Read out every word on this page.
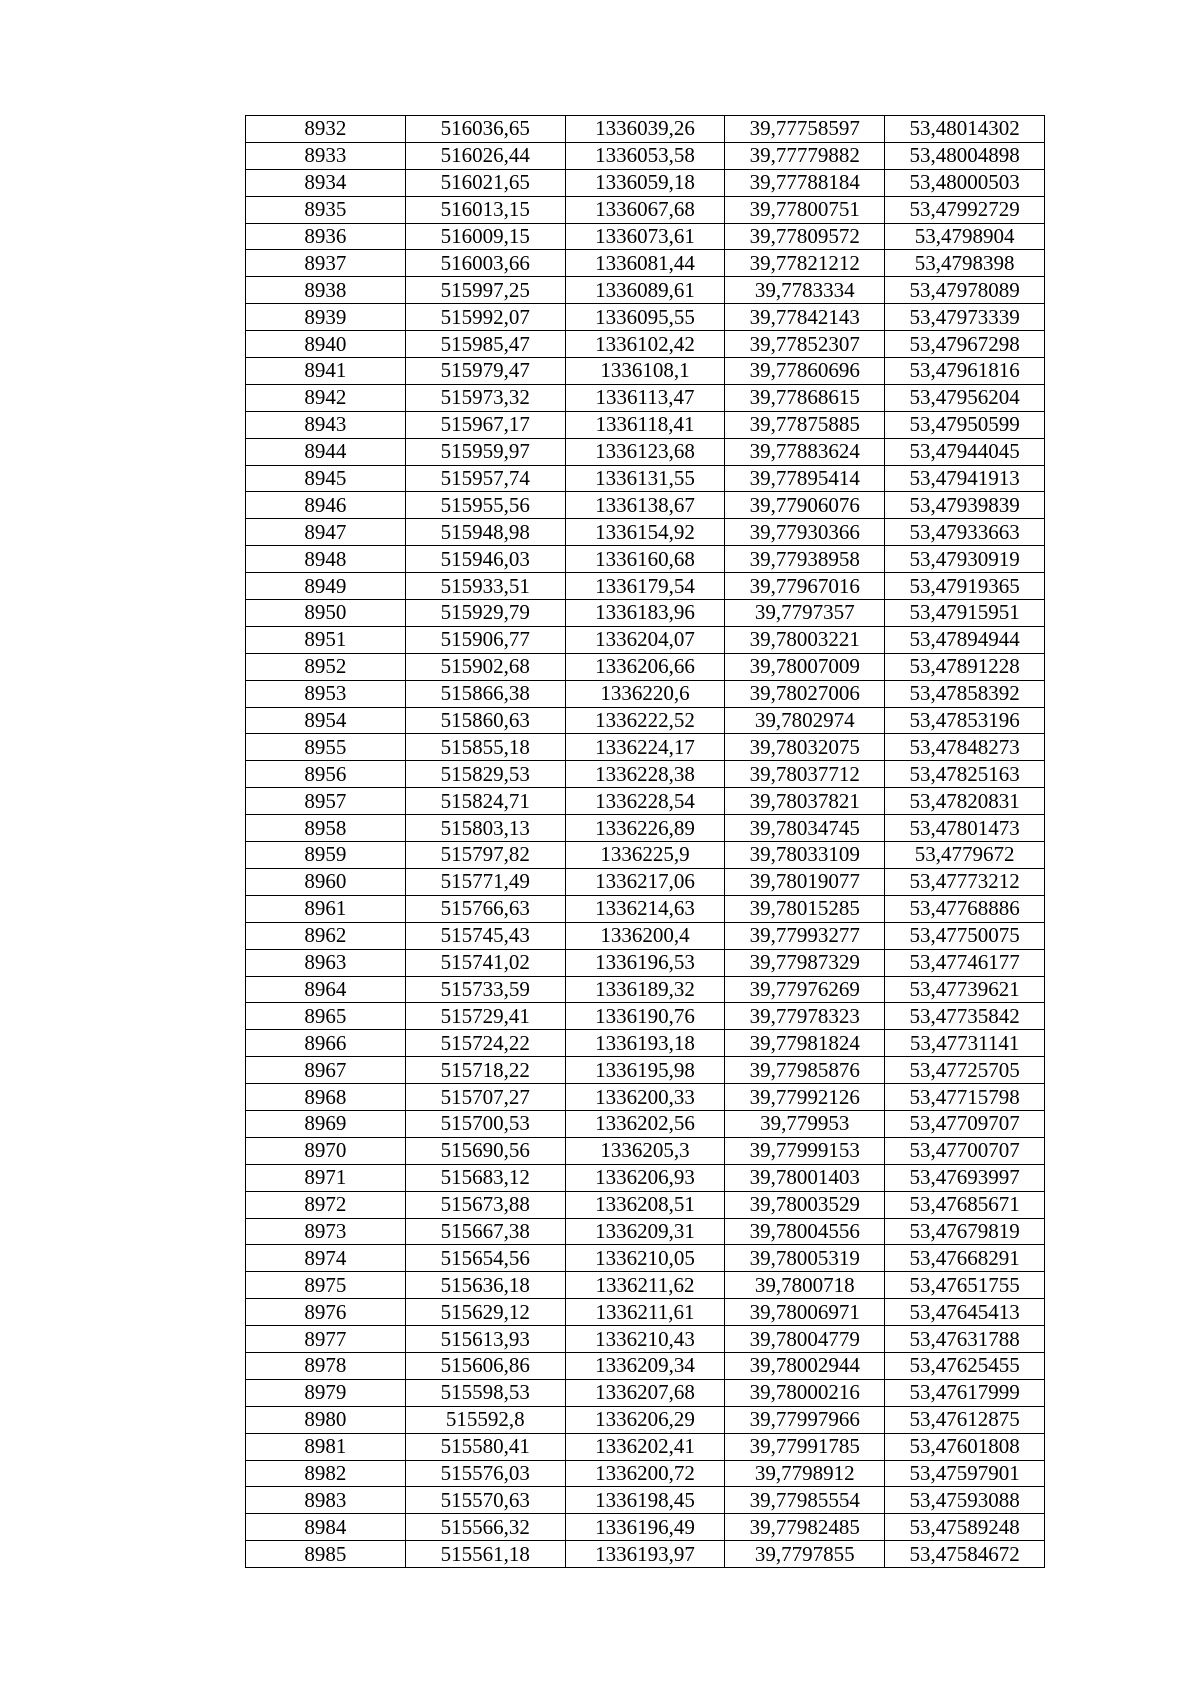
8932	516036,65	1336039,26	39,77758597	53,48014302
8933	516026,44	1336053,58	39,77779882	53,48004898
8934	516021,65	1336059,18	39,77788184	53,48000503
8935	516013,15	1336067,68	39,77800751	53,47992729
8936	516009,15	1336073,61	39,77809572	53,4798904
8937	516003,66	1336081,44	39,77821212	53,4798398
8938	515997,25	1336089,61	39,7783334	53,47978089
8939	515992,07	1336095,55	39,77842143	53,47973339
8940	515985,47	1336102,42	39,77852307	53,47967298
8941	515979,47	1336108,1	39,77860696	53,47961816
8942	515973,32	1336113,47	39,77868615	53,47956204
8943	515967,17	1336118,41	39,77875885	53,47950599
8944	515959,97	1336123,68	39,77883624	53,47944045
8945	515957,74	1336131,55	39,77895414	53,47941913
8946	515955,56	1336138,67	39,77906076	53,47939839
8947	515948,98	1336154,92	39,77930366	53,47933663
8948	515946,03	1336160,68	39,77938958	53,47930919
8949	515933,51	1336179,54	39,77967016	53,47919365
8950	515929,79	1336183,96	39,7797357	53,47915951
8951	515906,77	1336204,07	39,78003221	53,47894944
8952	515902,68	1336206,66	39,78007009	53,47891228
8953	515866,38	1336220,6	39,78027006	53,47858392
8954	515860,63	1336222,52	39,7802974	53,47853196
8955	515855,18	1336224,17	39,78032075	53,47848273
8956	515829,53	1336228,38	39,78037712	53,47825163
8957	515824,71	1336228,54	39,78037821	53,47820831
8958	515803,13	1336226,89	39,78034745	53,47801473
8959	515797,82	1336225,9	39,78033109	53,4779672
8960	515771,49	1336217,06	39,78019077	53,47773212
8961	515766,63	1336214,63	39,78015285	53,47768886
8962	515745,43	1336200,4	39,77993277	53,47750075
8963	515741,02	1336196,53	39,77987329	53,47746177
8964	515733,59	1336189,32	39,77976269	53,47739621
8965	515729,41	1336190,76	39,77978323	53,47735842
8966	515724,22	1336193,18	39,77981824	53,47731141
8967	515718,22	1336195,98	39,77985876	53,47725705
8968	515707,27	1336200,33	39,77992126	53,47715798
8969	515700,53	1336202,56	39,779953	53,47709707
8970	515690,56	1336205,3	39,77999153	53,47700707
8971	515683,12	1336206,93	39,78001403	53,47693997
8972	515673,88	1336208,51	39,78003529	53,47685671
8973	515667,38	1336209,31	39,78004556	53,47679819
8974	515654,56	1336210,05	39,78005319	53,47668291
8975	515636,18	1336211,62	39,7800718	53,47651755
8976	515629,12	1336211,61	39,78006971	53,47645413
8977	515613,93	1336210,43	39,78004779	53,47631788
8978	515606,86	1336209,34	39,78002944	53,47625455
8979	515598,53	1336207,68	39,78000216	53,47617999
8980	515592,8	1336206,29	39,77997966	53,47612875
8981	515580,41	1336202,41	39,77991785	53,47601808
8982	515576,03	1336200,72	39,7798912	53,47597901
8983	515570,63	1336198,45	39,77985554	53,47593088
8984	515566,32	1336196,49	39,77982485	53,47589248
8985	515561,18	1336193,97	39,7797855	53,47584672
